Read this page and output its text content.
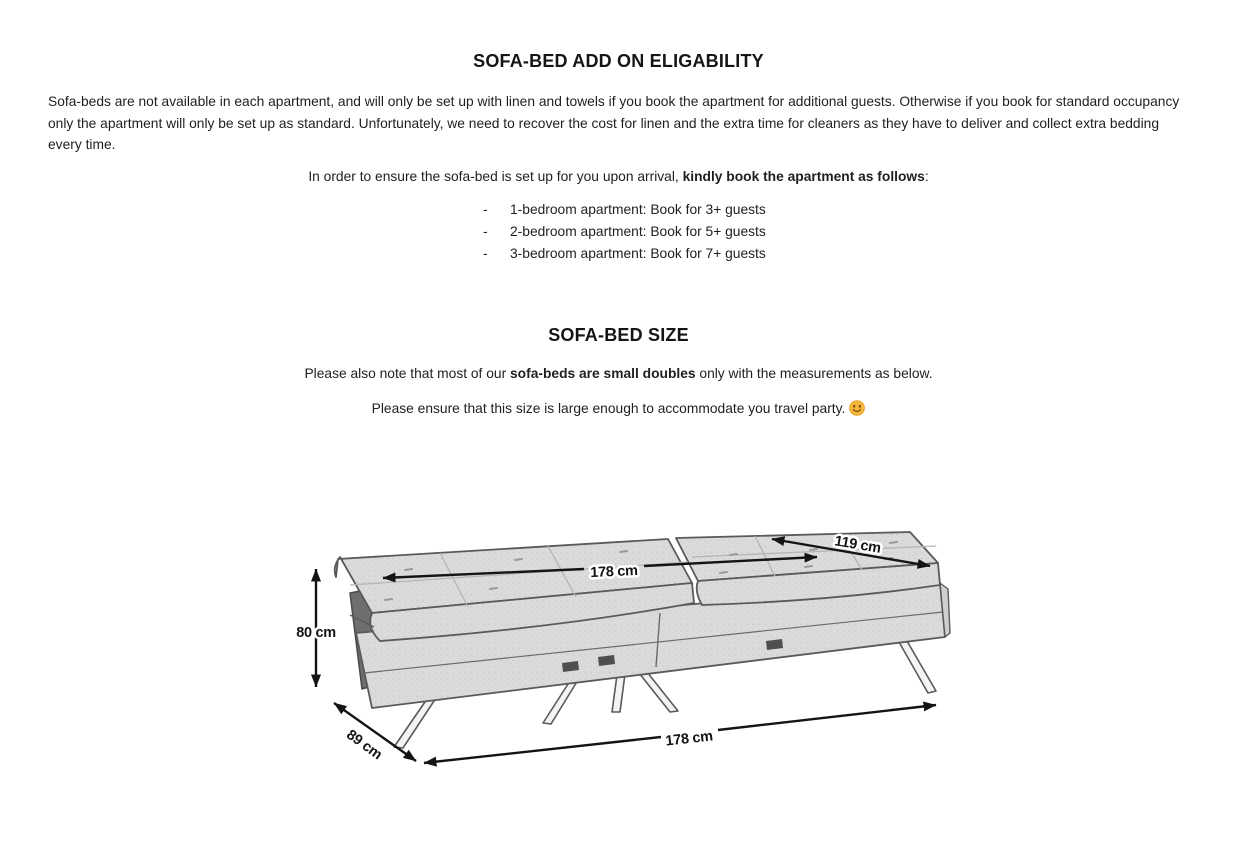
SOFA-BED ADD ON ELIGABILITY

Sofa-beds are not available in each apartment, and will only be set up with linen and towels if you book the apartment for additional guests. Otherwise if you book for standard occupancy only the apartment will only be set up as standard. Unfortunately, we need to recover the cost for linen and the extra time for cleaners as they have to deliver and collect extra bedding every time.

In order to ensure the sofa-bed is set up for you upon arrival, kindly book the apartment as follows:

-	1-bedroom apartment: Book for 3+ guests
-	2-bedroom apartment: Book for 5+ guests
-	3-bedroom apartment: Book for 7+ guests
SOFA-BED SIZE

Please also note that most of our sofa-beds are small doubles only with the measurements as below.

Please ensure that this size is large enough to accommodate you travel party.

178 cm
119 cm
80 cm
89 cm	178 cm
